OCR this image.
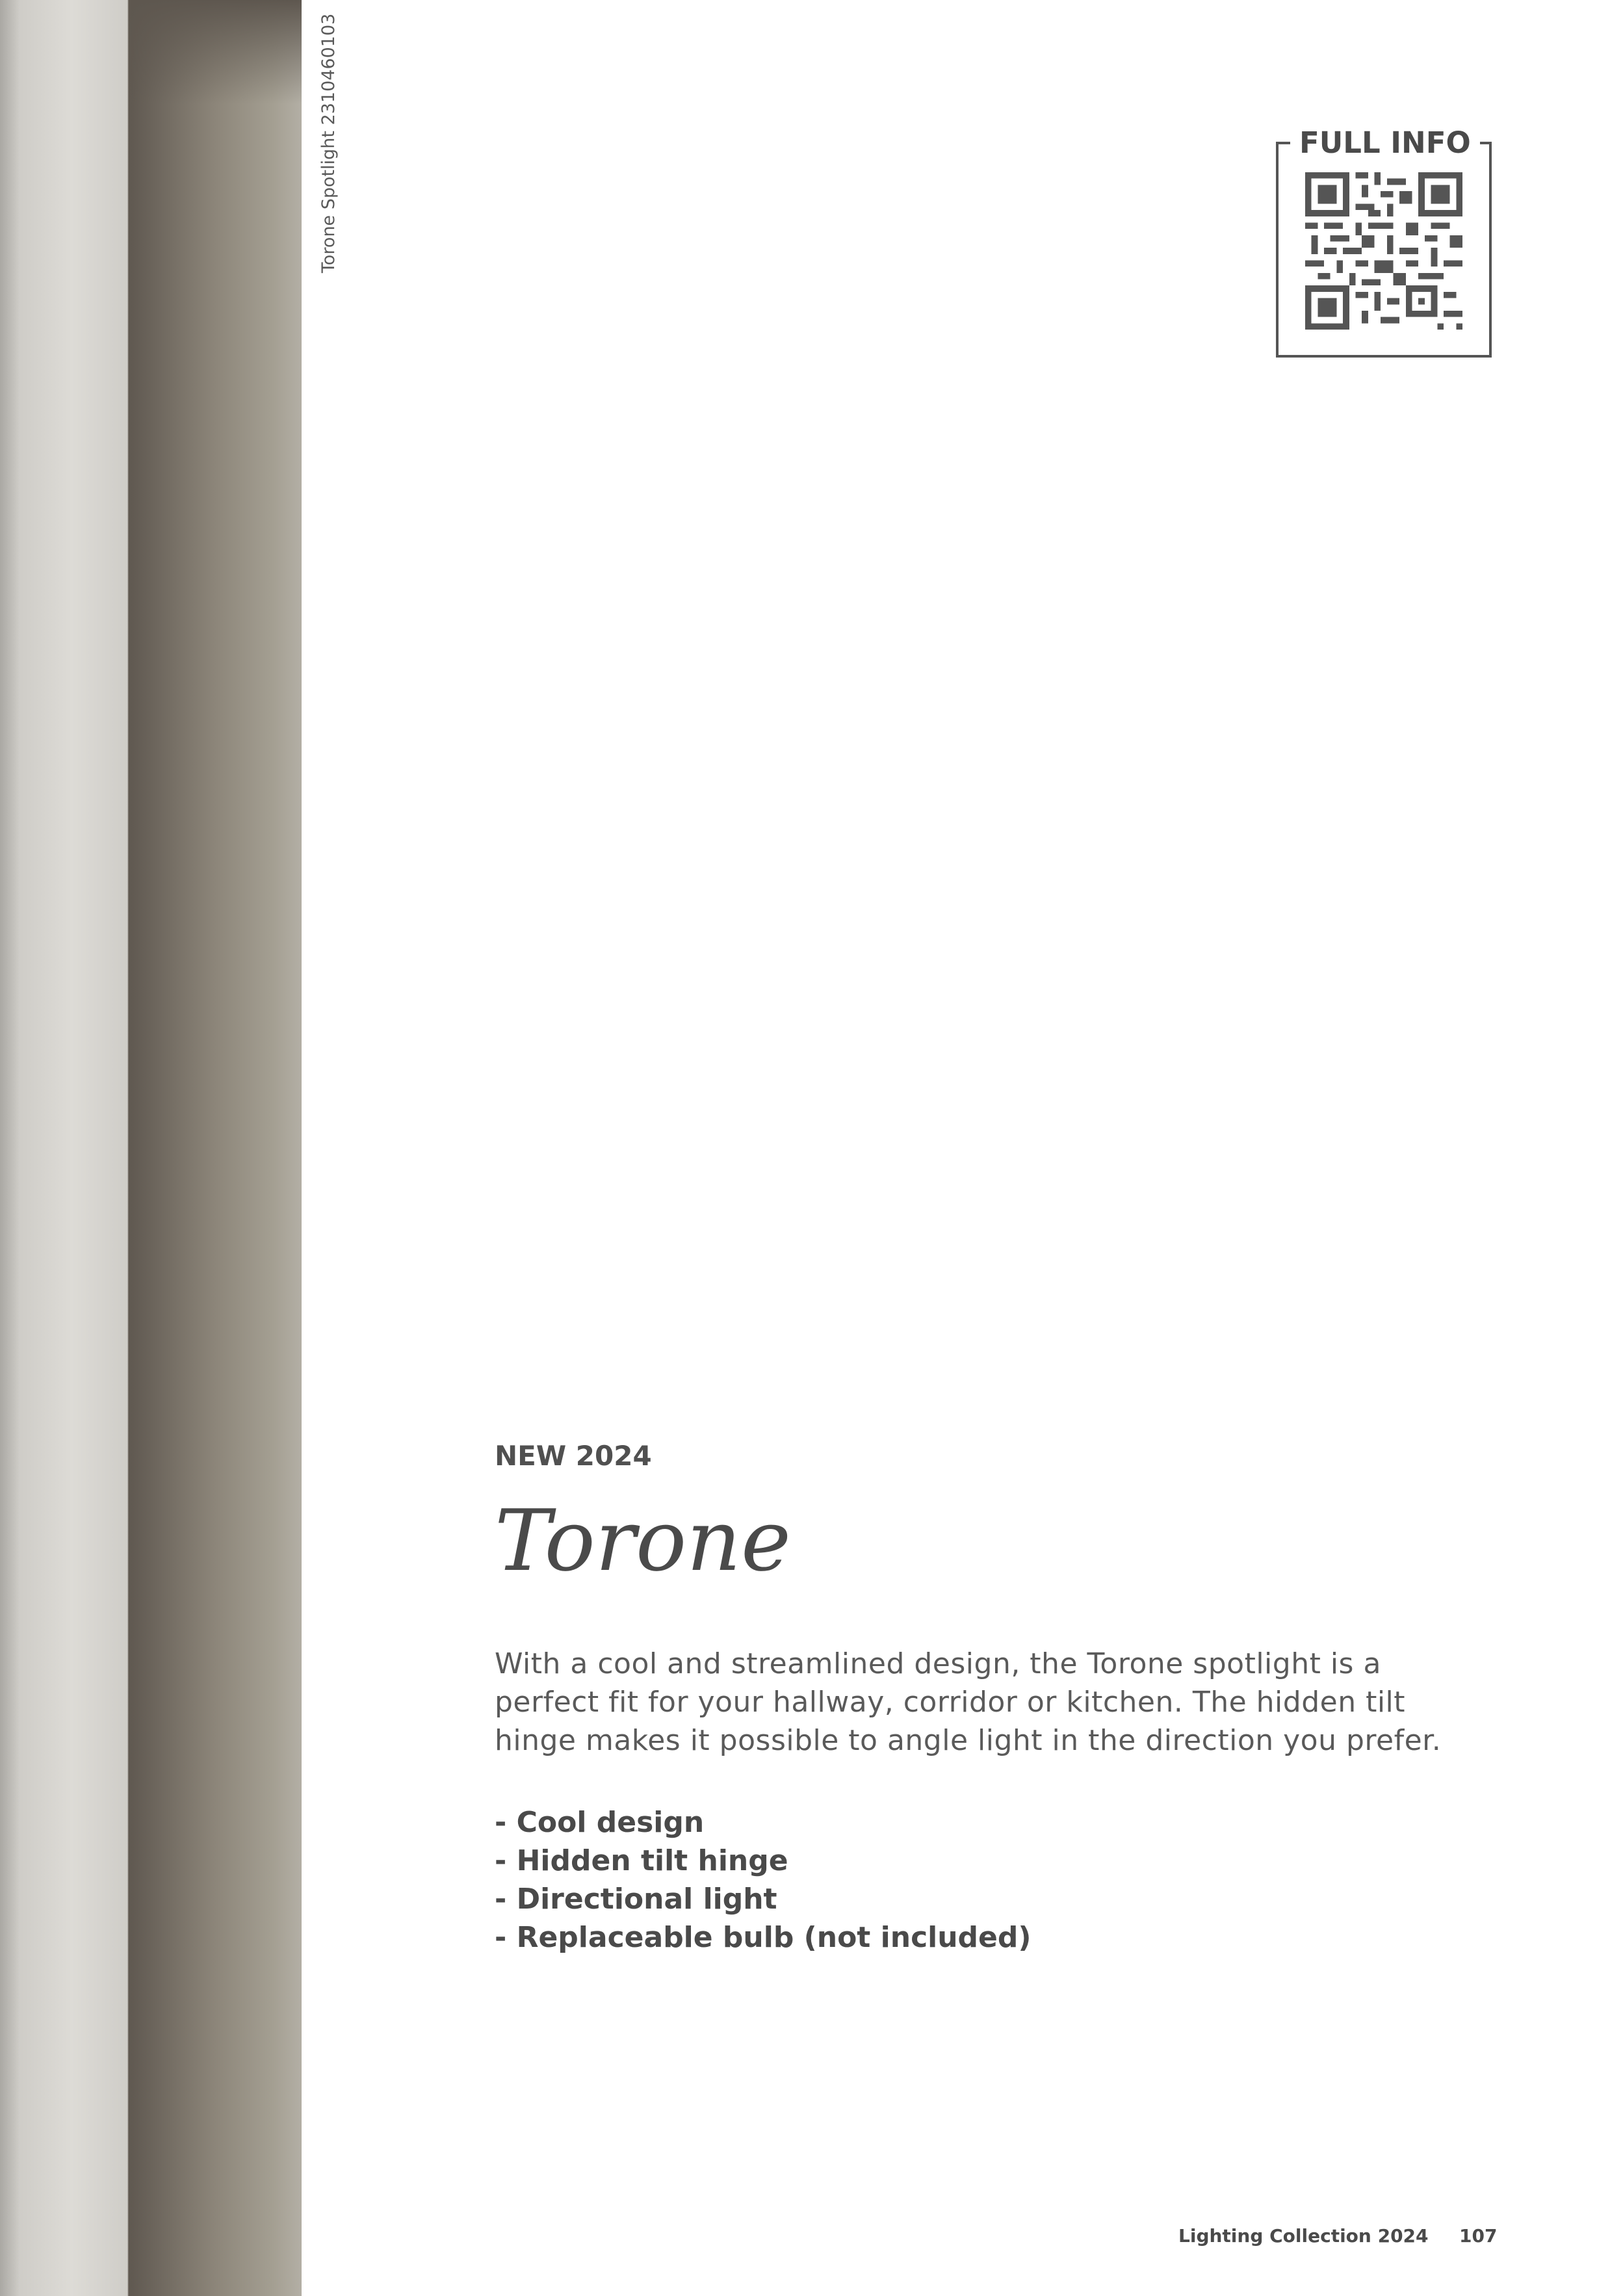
Torone Spotlight 2310460103	FULL INFO
NEW 2024
Torone
With a cool and streamlined design, the Torone spotlight is a perfect fit for your hallway, corridor or kitchen. The hidden tilt hinge makes it possible to angle light in the direction you prefer.
- Cool design
- Hidden tilt hinge
- Directional light
- Replaceable bulb (not included)
Lighting Collection 2024 107
